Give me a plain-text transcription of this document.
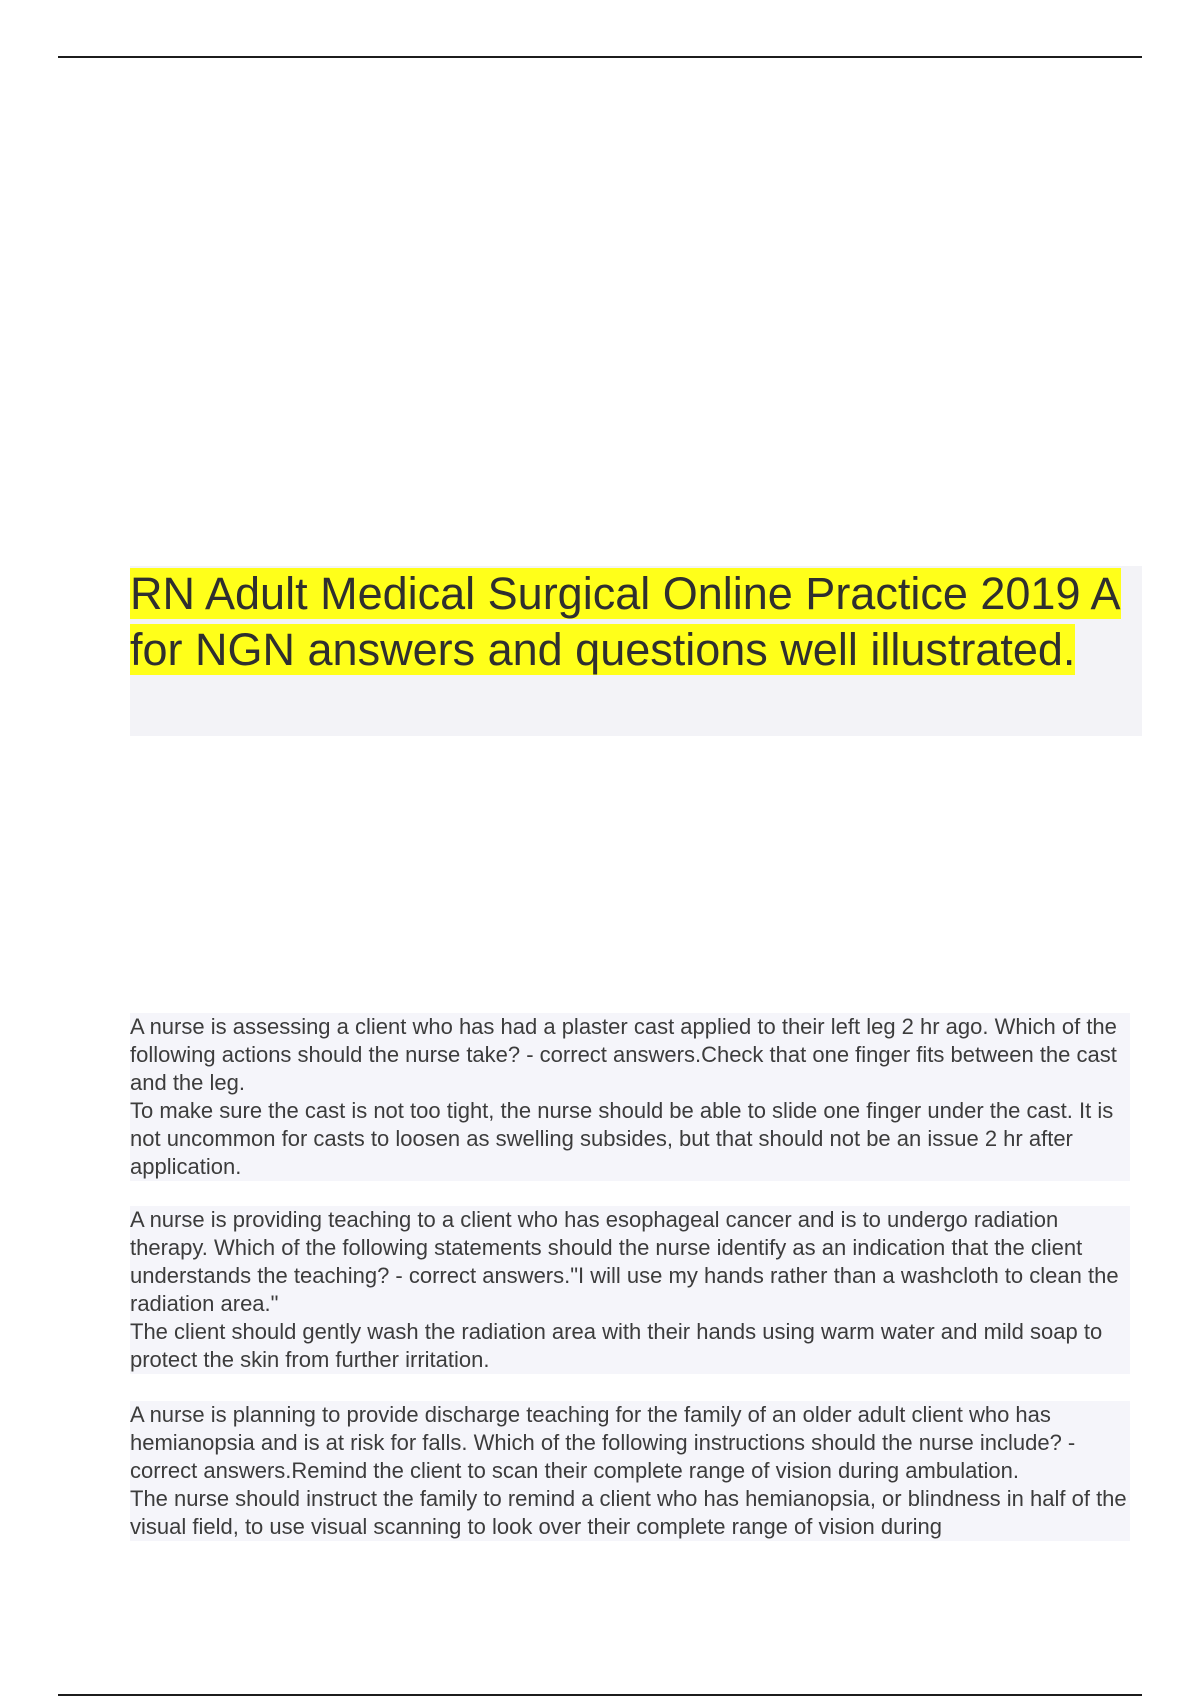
RN Adult Medical Surgical Online Practice 2019 A for NGN answers and questions well illustrated.

A nurse is assessing a client who has had a plaster cast applied to their left leg 2 hr ago. Which of the following actions should the nurse take? - correct answers.Check that one finger fits between the cast and the leg.

To make sure the cast is not too tight, the nurse should be able to slide one finger under the cast. It is not uncommon for casts to loosen as swelling subsides, but that should not be an issue 2 hr after application.

A nurse is providing teaching to a client who has esophageal cancer and is to undergo radiation therapy. Which of the following statements should the nurse identify as an indication that the client understands the teaching? - correct answers."I will use my hands rather than a washcloth to clean the radiation area."

The client should gently wash the radiation area with their hands using warm water and mild soap to protect the skin from further irritation.

A nurse is planning to provide discharge teaching for the family of an older adult client who has hemianopsia and is at risk for falls. Which of the following instructions should the nurse include? - correct answers.Remind the client to scan their complete range of vision during ambulation.

The nurse should instruct the family to remind a client who has hemianopsia, or blindness in half of the visual field, to use visual scanning to look over their complete range of vision during
